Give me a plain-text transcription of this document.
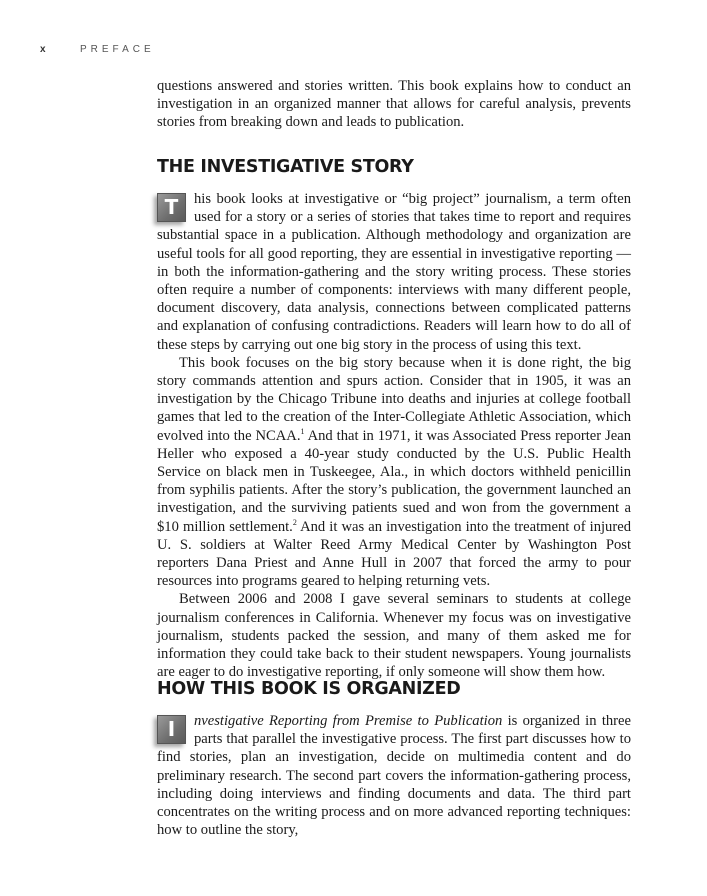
x	PREFACE

questions answered and stories written. This book explains how to conduct an investigation in an organized manner that allows for careful analysis, prevents stories from breaking down and leads to publication.

THE INVESTIGATIVE STORY

T	his book looks at investigative or “big project” journalism, a term often used for a story or a series of stories that takes time to report and requires substantial space in a publication. Although methodology and organization are useful tools for all good reporting, they are essential in investigative reporting — in both the information-gathering and the story writing process. These stories often require a number of components: interviews with many different people, document discovery, data analysis, connections between complicated patterns and explanation of confusing contradictions. Readers will learn how to do all of these steps by carrying out one big story in the process of using this text.

This book focuses on the big story because when it is done right, the big story commands attention and spurs action. Consider that in 1905, it was an investigation by the Chicago Tribune into deaths and injuries at college football games that led to the creation of the Inter-Collegiate Athletic Association, which evolved into the NCAA.$^1$ And that in 1971, it was Associated Press reporter Jean Heller who exposed a 40-year study conducted by the U.S. Public Health Service on black men in Tuskeegee, Ala., in which doctors withheld penicillin from syphilis patients. After the story’s publication, the government launched an investigation, and the surviving patients sued and won from the government a $10 million settlement.$^2$ And it was an investigation into the treatment of injured U. S. soldiers at Walter Reed Army Medical Center by Washington Post reporters Dana Priest and Anne Hull in 2007 that forced the army to pour resources into programs geared to helping returning vets.

Between 2006 and 2008 I gave several seminars to students at college journalism conferences in California. Whenever my focus was on investigative journalism, students packed the session, and many of them asked me for information they could take back to their student newspapers. Young journalists are eager to do investigative reporting, if only someone will show them how.

HOW THIS BOOK IS ORGANIZED

I	nvestigative Reporting from Premise to Publication is organized in three parts that parallel the investigative process. The first part discusses how to find stories, plan an investigation, decide on multimedia content and do preliminary research. The second part covers the information-gathering process, including doing interviews and finding documents and data. The third part concentrates on the writing process and on more advanced reporting techniques: how to outline the story,
